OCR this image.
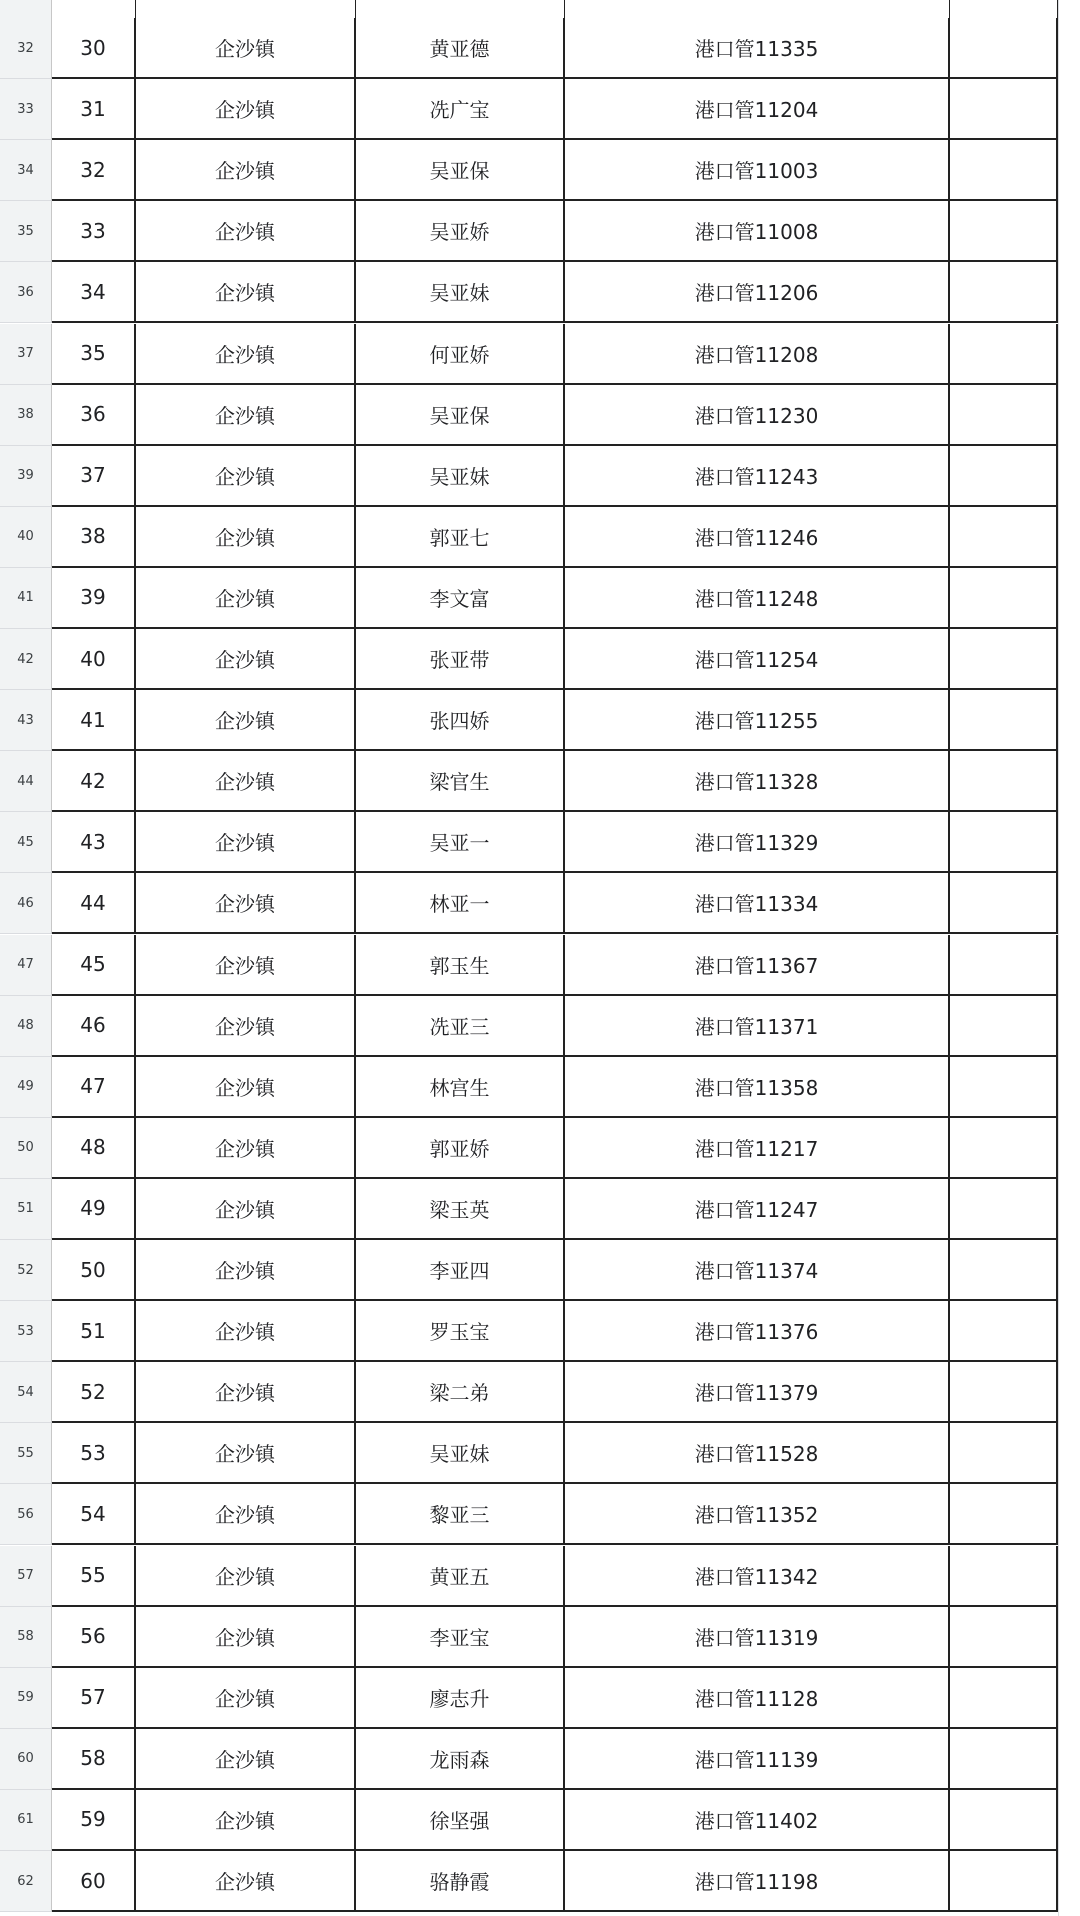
32	30	企沙镇	黄亚德	港口管11335
33	31	企沙镇	冼广宝	港口管11204
34	32	企沙镇	吴亚保	港口管11003
35	33	企沙镇	吴亚娇	港口管11008
36	34	企沙镇	吴亚妹	港口管11206
37	35	企沙镇	何亚娇	港口管11208
38	36	企沙镇	吴亚保	港口管11230
39	37	企沙镇	吴亚妹	港口管11243
40	38	企沙镇	郭亚七	港口管11246
41	39	企沙镇	李文富	港口管11248
42	40	企沙镇	张亚带	港口管11254
43	41	企沙镇	张四娇	港口管11255
44	42	企沙镇	梁官生	港口管11328
45	43	企沙镇	吴亚一	港口管11329
46	44	企沙镇	林亚一	港口管11334
47	45	企沙镇	郭玉生	港口管11367
48	46	企沙镇	冼亚三	港口管11371
49	47	企沙镇	林宫生	港口管11358
50	48	企沙镇	郭亚娇	港口管11217
51	49	企沙镇	梁玉英	港口管11247
52	50	企沙镇	李亚四	港口管11374
53	51	企沙镇	罗玉宝	港口管11376
54	52	企沙镇	梁二弟	港口管11379
55	53	企沙镇	吴亚妹	港口管11528
56	54	企沙镇	黎亚三	港口管11352
57	55	企沙镇	黄亚五	港口管11342
58	56	企沙镇	李亚宝	港口管11319
59	57	企沙镇	廖志升	港口管11128
60	58	企沙镇	龙雨森	港口管11139
61	59	企沙镇	徐坚强	港口管11402
62	60	企沙镇	骆静霞	港口管11198
